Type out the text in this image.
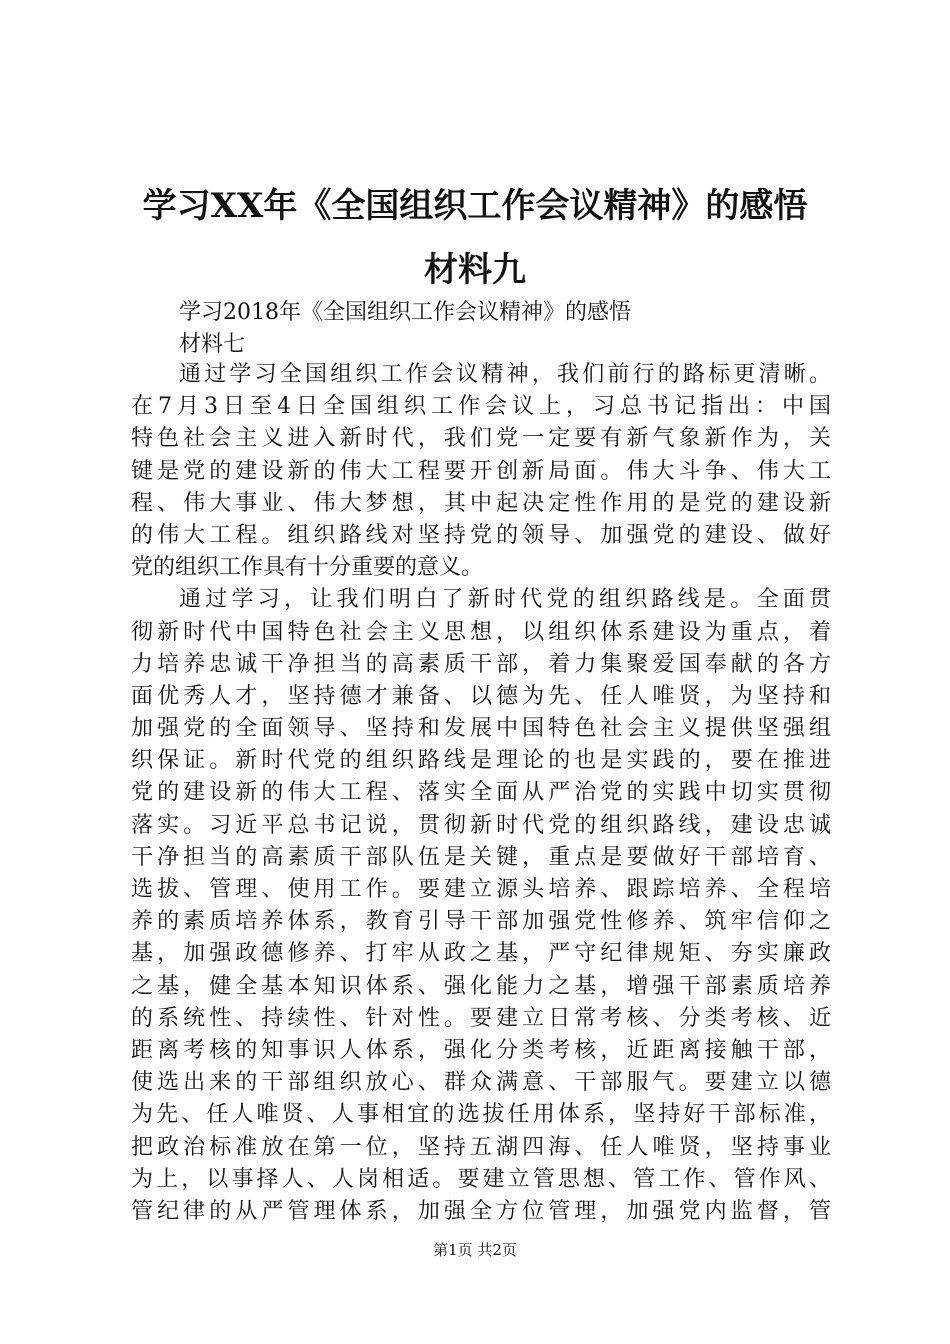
学习XX年《全国组织工作会议精神》的感悟
材料九
学习2018年《全国组织工作会议精神》的感悟
材料七
通过学习全国组织工作会议精神，我们前行的路标更清晰。
在7月3日至4日全国组织工作会议上，习总书记指出：中国
特色社会主义进入新时代，我们党一定要有新气象新作为，关
键是党的建设新的伟大工程要开创新局面。伟大斗争、伟大工
程、伟大事业、伟大梦想，其中起决定性作用的是党的建设新
的伟大工程。组织路线对坚持党的领导、加强党的建设、做好
党的组织工作具有十分重要的意义。
通过学习，让我们明白了新时代党的组织路线是。全面贯
彻新时代中国特色社会主义思想，以组织体系建设为重点，着
力培养忠诚干净担当的高素质干部，着力集聚爱国奉献的各方
面优秀人才，坚持德才兼备、以德为先、任人唯贤，为坚持和
加强党的全面领导、坚持和发展中国特色社会主义提供坚强组
织保证。新时代党的组织路线是理论的也是实践的，要在推进
党的建设新的伟大工程、落实全面从严治党的实践中切实贯彻
落实。习近平总书记说，贯彻新时代党的组织路线，建设忠诚
干净担当的高素质干部队伍是关键，重点是要做好干部培育、
选拔、管理、使用工作。要建立源头培养、跟踪培养、全程培
养的素质培养体系，教育引导干部加强党性修养、筑牢信仰之
基，加强政德修养、打牢从政之基，严守纪律规矩、夯实廉政
之基，健全基本知识体系、强化能力之基，增强干部素质培养
的系统性、持续性、针对性。要建立日常考核、分类考核、近
距离考核的知事识人体系，强化分类考核，近距离接触干部，
使选出来的干部组织放心、群众满意、干部服气。要建立以德
为先、任人唯贤、人事相宜的选拔任用体系，坚持好干部标准，
把政治标准放在第一位，坚持五湖四海、任人唯贤，坚持事业
为上，以事择人、人岗相适。要建立管思想、管工作、管作风、
管纪律的从严管理体系，加强全方位管理，加强党内监督，管
第1页 共2页
